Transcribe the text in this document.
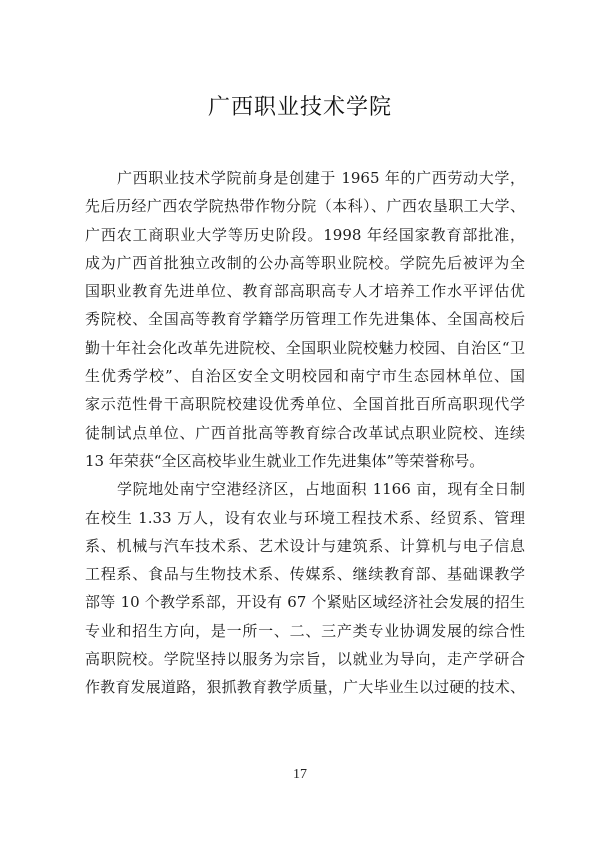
广西职业技术学院
广西职业技术学院前身是创建于 1965 年的广西劳动大学，
先后历经广西农学院热带作物分院（本科）、广西农垦职工大学、
广西农工商职业大学等历史阶段。1998 年经国家教育部批准，
成为广西首批独立改制的公办高等职业院校。学院先后被评为全
国职业教育先进单位、教育部高职高专人才培养工作水平评估优
秀院校、全国高等教育学籍学历管理工作先进集体、全国高校后
勤十年社会化改革先进院校、全国职业院校魅力校园、自治区“卫
生优秀学校”、自治区安全文明校园和南宁市生态园林单位、国
家示范性骨干高职院校建设优秀单位、全国首批百所高职现代学
徒制试点单位、广西首批高等教育综合改革试点职业院校、连续
13 年荣获“全区高校毕业生就业工作先进集体”等荣誉称号。
学院地处南宁空港经济区，占地面积 1166 亩，现有全日制
在校生 1.33 万人，设有农业与环境工程技术系、经贸系、管理
系、机械与汽车技术系、艺术设计与建筑系、计算机与电子信息
工程系、食品与生物技术系、传媒系、继续教育部、基础课教学
部等 10 个教学系部，开设有 67 个紧贴区域经济社会发展的招生
专业和招生方向，是一所一、二、三产类专业协调发展的综合性
高职院校。学院坚持以服务为宗旨，以就业为导向，走产学研合
作教育发展道路，狠抓教育教学质量，广大毕业生以过硬的技术、
17
